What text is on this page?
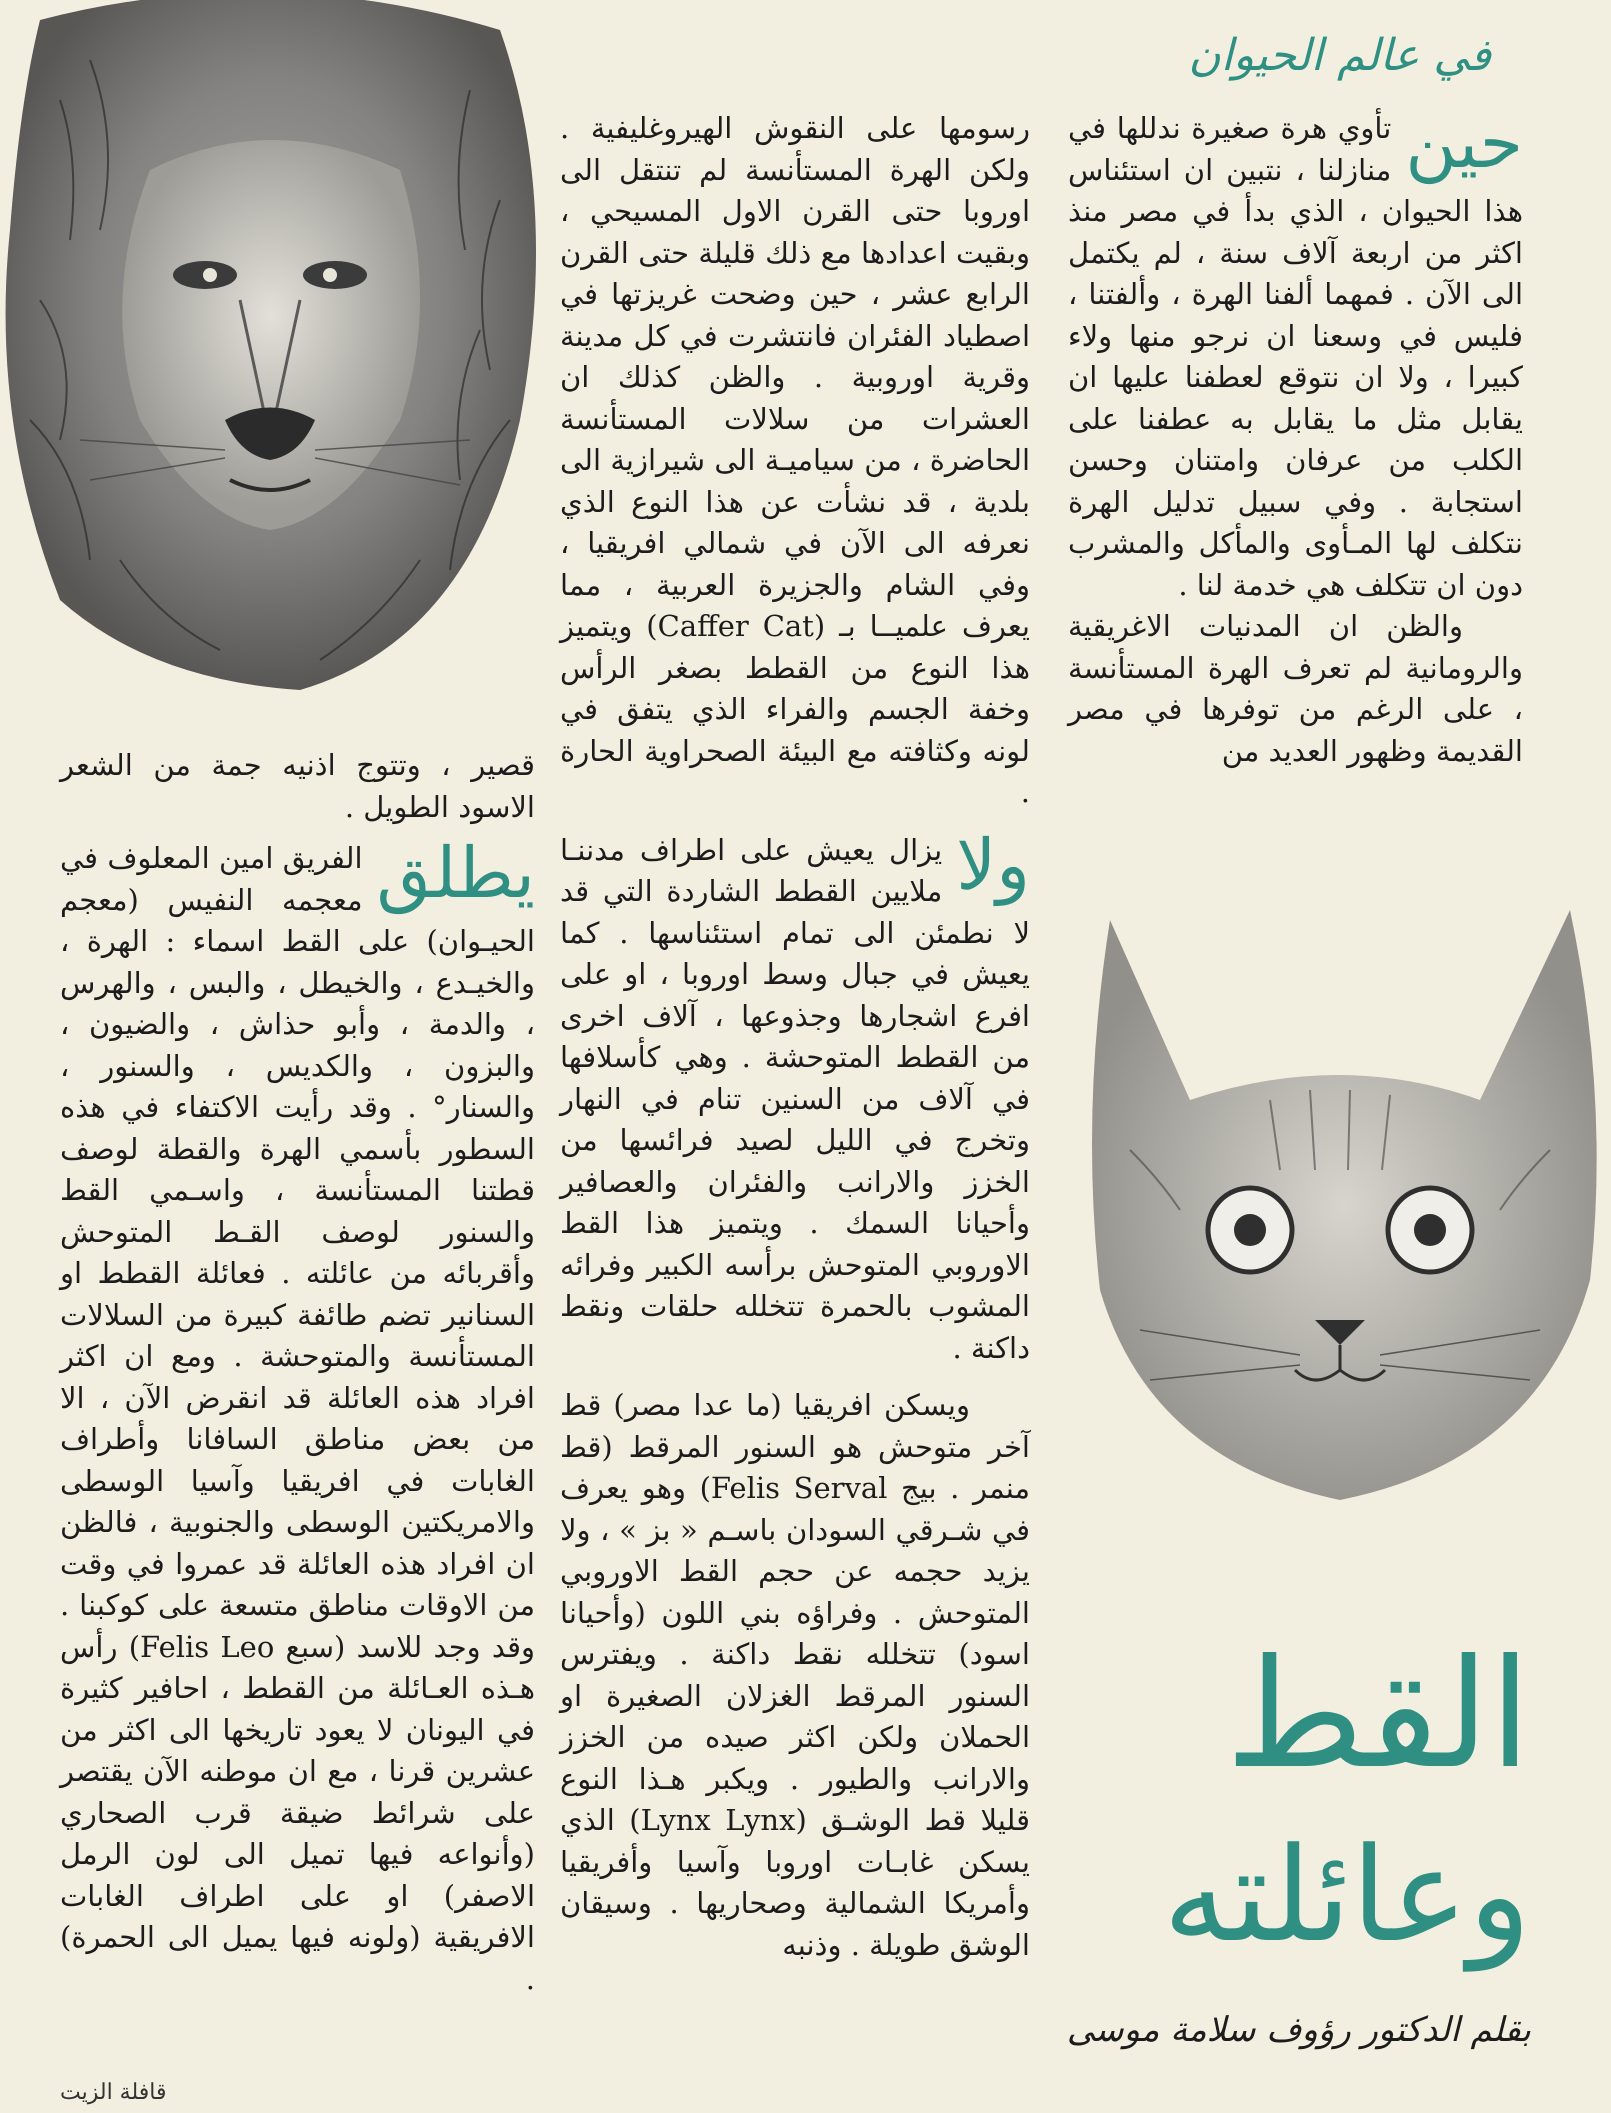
في عالم الحيوان

حين
تأوي هرة صغيرة ندللها في منازلنا ، نتبين ان استئناس هذا الحيوان ، الذي بدأ في مصر منذ اكثر من اربعة آلاف سنة ، لم يكتمل الى الآن . فمهما ألفنا الهرة ، وألفتنا ، فليس في وسعنا ان نرجو منها ولاء كبيرا ، ولا ان نتوقع لعطفنا عليها ان يقابل مثل ما يقابل به عطفنا على الكلب من عرفان وامتنان وحسن استجابة . وفي سبيل تدليل الهرة نتكلف لها المـأوى والمأكل والمشرب دون ان تتكلف هي خدمة لنا .

والظن ان المدنيات الاغريقية والرومانية لم تعرف الهرة المستأنسة ، على الرغم من توفرها في مصر القديمة وظهور العديد من

رسومها على النقوش الهيروغليفية . ولكن الهرة المستأنسة لم تنتقل الى اوروبا حتى القرن الاول المسيحي ، وبقيت اعدادها مع ذلك قليلة حتى القرن الرابع عشر ، حين وضحت غريزتها في اصطياد الفئران فانتشرت في كل مدينة وقرية اوروبية . والظن كذلك ان العشرات من سلالات المستأنسة الحاضرة ، من سياميـة الى شيرازية الى بلدية ، قد نشأت عن هذا النوع الذي نعرفه الى الآن في شمالي افريقيا ، وفي الشام والجزيرة العربية ، مما يعرف علميــا بـ (Caffer Cat) ويتميز هذا النوع من القطط بصغر الرأس وخفة الجسم والفراء الذي يتفق في لونه وكثافته مع البيئة الصحراوية الحارة .

ولا
يزال يعيش على اطراف مدننـا ملايين القطط الشاردة التي قد لا نطمئن الى تمام استئناسها . كما يعيش في جبال وسط اوروبا ، او على افرع اشجارها وجذوعها ، آلاف اخرى من القطط المتوحشة . وهي كأسلافها في آلاف من السنين تنام في النهار وتخرج في الليل لصيد فرائسها من الخزز والارانب والفئران والعصافير وأحيانا السمك . ويتميز هذا القط الاوروبي المتوحش برأسه الكبير وفرائه المشوب بالحمرة تتخلله حلقات ونقط داكنة .

ويسكن افريقيا (ما عدا مصر) قط آخر متوحش هو السنور المرقط (قط منمر . بيج Felis Serval) وهو يعرف في شـرقي السودان باسـم « بز » ، ولا يزيد حجمه عن حجم القط الاوروبي المتوحش . وفراؤه بني اللون (وأحيانا اسود) تتخلله نقط داكنة . ويفترس السنور المرقط الغزلان الصغيرة او الحملان ولكن اكثر صيده من الخزز والارانب والطيور . ويكبر هـذا النوع قليلا قط الوشـق (Lynx Lynx) الذي يسكن غابـات اوروبا وآسيا وأفريقيا وأمريكا الشمالية وصحاريها . وسيقان الوشق طويلة . وذنبه

قصير ، وتتوج اذنيه جمة من الشعر الاسود الطويل .

يطلق
الفريق امين المعلوف في معجمه النفيس (معجم الحيـوان) على القط اسماء : الهرة ، والخيـدع ، والخيطل ، والبس ، والهرس ، والدمة ، وأبو حذاش ، والضيون ، والبزون ، والكديس ، والسنور ، والسنار° . وقد رأيت الاكتفاء في هذه السطور بأسمي الهرة والقطة لوصف قطتنا المستأنسة ، واسـمي القط والسنور لوصف القـط المتوحش وأقربائه من عائلته . فعائلة القطط او السنانير تضم طائفة كبيرة من السلالات المستأنسة والمتوحشة . ومع ان اكثر افراد هذه العائلة قد انقرض الآن ، الا من بعض مناطق السافانا وأطراف الغابات في افريقيا وآسيا الوسطى والامريكتين الوسطى والجنوبية ، فالظن ان افراد هذه العائلة قد عمروا في وقت من الاوقات مناطق متسعة على كوكبنا . وقد وجد للاسد (سبع Felis Leo) رأس هـذه العـائلة من القطط ، احافير كثيرة في اليونان لا يعود تاريخها الى اكثر من عشرين قرنا ، مع ان موطنه الآن يقتصر على شرائط ضيقة قرب الصحاري (وأنواعه فيها تميل الى لون الرمل الاصفر) او على اطراف الغابات الافريقية (ولونه فيها يميل الى الحمرة) .

القط
وعائلته
بقلم الدكتور رؤوف سلامة موسى
قافلة الزيت
